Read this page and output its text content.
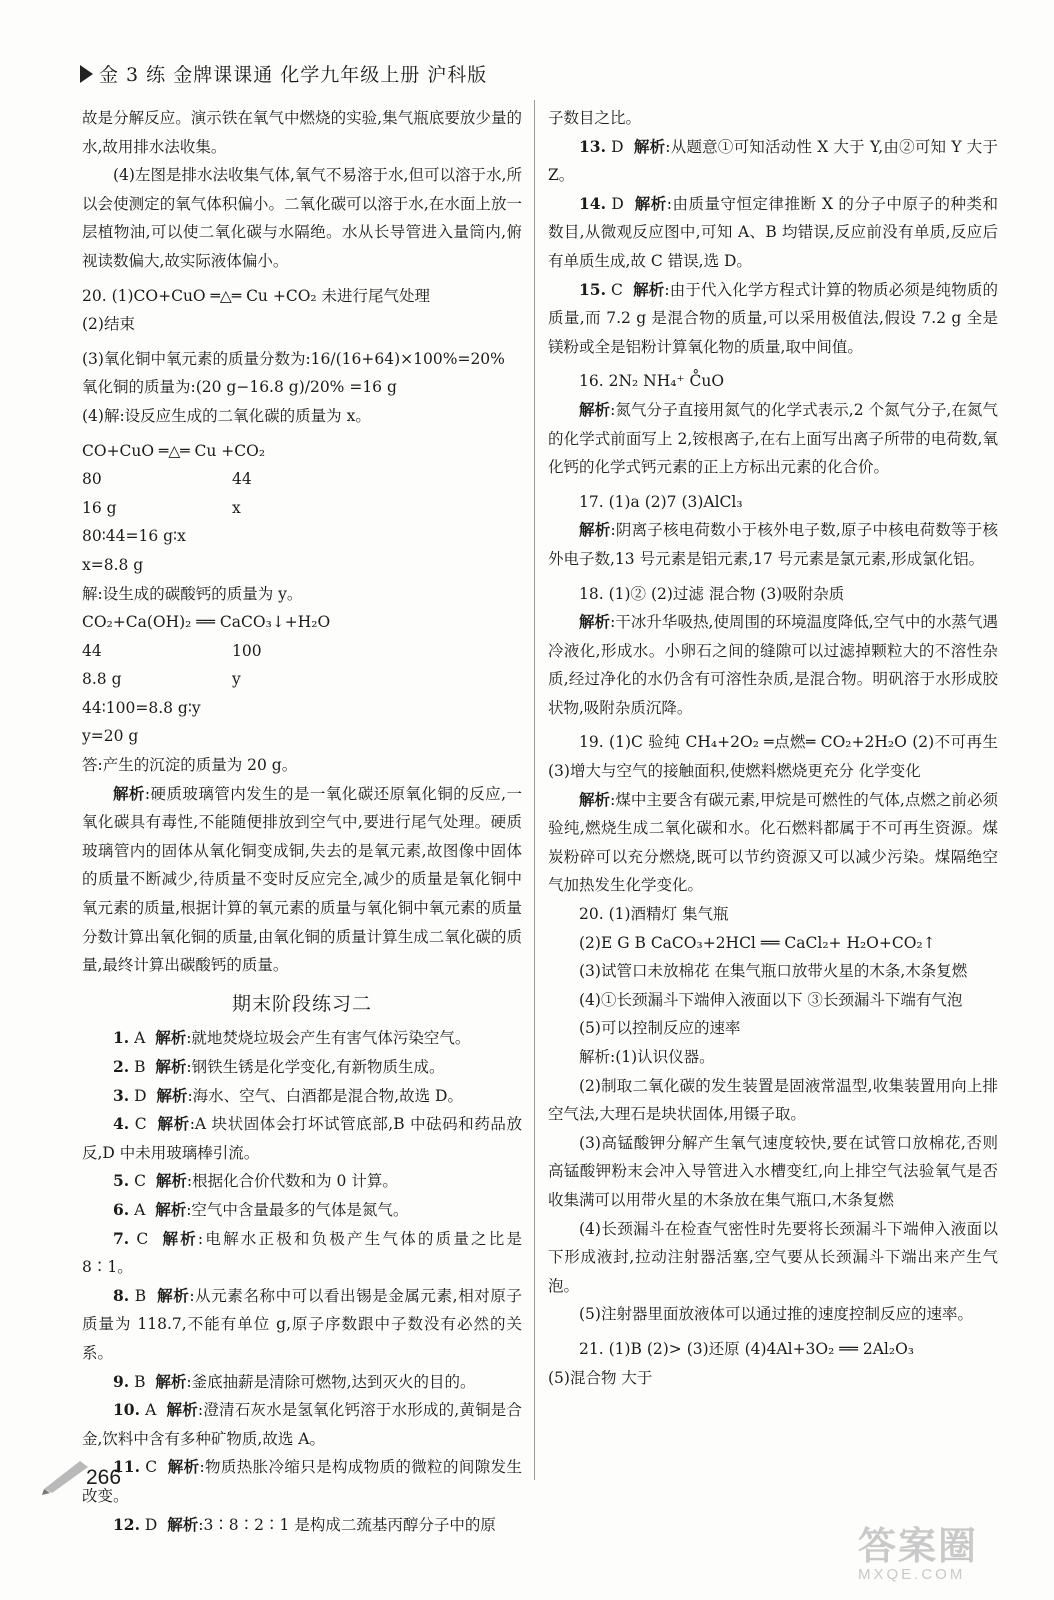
金 3 练 金牌课课通 化学九年级上册 沪科版

故是分解反应。演示铁在氧气中燃烧的实验,集气瓶底要放少量的水,故用排水法收集。

(4)左图是排水法收集气体,氧气不易溶于水,但可以溶于水,所以会使测定的氧气体积偏小。二氧化碳可以溶于水,在水面上放一层植物油,可以使二氧化碳与水隔绝。水从长导管进入量筒内,俯视读数偏大,故实际液体偏小。

20. (1)CO+CuO ═△═ Cu +CO₂ 未进行尾气处理

(2)结束

(3)氧化铜中氧元素的质量分数为:16/(16+64)×100%=20%

氧化铜的质量为:(20 g−16.8 g)/20% =16 g

(4)解:设反应生成的二氧化碳的质量为 x。

CO+CuO ═△═ Cu +CO₂

80	44
16 g	x

80∶44=16 g∶x

x=8.8 g

解:设生成的碳酸钙的质量为 y。

CO₂+Ca(OH)₂ ══ CaCO₃↓+H₂O

44	100
8.8 g	y

44∶100=8.8 g∶y

y=20 g

答:产生的沉淀的质量为 20 g。

解析:硬质玻璃管内发生的是一氧化碳还原氧化铜的反应,一氧化碳具有毒性,不能随便排放到空气中,要进行尾气处理。硬质玻璃管内的固体从氧化铜变成铜,失去的是氧元素,故图像中固体的质量不断减少,待质量不变时反应完全,减少的质量是氧化铜中氧元素的质量,根据计算的氧元素的质量与氧化铜中氧元素的质量分数计算出氧化铜的质量,由氧化铜的质量计算生成二氧化碳的质量,最终计算出碳酸钙的质量。

期末阶段练习二

1. A 解析:就地焚烧垃圾会产生有害气体污染空气。

2. B 解析:钢铁生锈是化学变化,有新物质生成。

3. D 解析:海水、空气、白酒都是混合物,故选 D。

4. C 解析:A 块状固体会打坏试管底部,B 中砝码和药品放反,D 中未用玻璃棒引流。

5. C 解析:根据化合价代数和为 0 计算。

6. A 解析:空气中含量最多的气体是氮气。

7. C 解析:电解水正极和负极产生气体的质量之比是 8∶1。

8. B 解析:从元素名称中可以看出锡是金属元素,相对原子质量为 118.7,不能有单位 g,原子序数跟中子数没有必然的关系。

9. B 解析:釜底抽薪是清除可燃物,达到灭火的目的。

10. A 解析:澄清石灰水是氢氧化钙溶于水形成的,黄铜是合金,饮料中含有多种矿物质,故选 A。

11. C 解析:物质热胀冷缩只是构成物质的微粒的间隙发生改变。

12. D 解析:3∶8∶2∶1 是构成二巯基丙醇分子中的原

子数目之比。

13. D 解析:从题意①可知活动性 X 大于 Y,由②可知 Y 大于 Z。

14. D 解析:由质量守恒定律推断 X 的分子中原子的种类和数目,从微观反应图中,可知 A、B 均错误,反应前没有单质,反应后有单质生成,故 C 错误,选 D。

15. C 解析:由于代入化学方程式计算的物质必须是纯物质的质量,而 7.2 g 是混合物的质量,可以采用极值法,假设 7.2 g 全是镁粉或全是铝粉计算氧化物的质量,取中间值。

16. 2N₂ NH₄⁺ C̊uO

解析:氮气分子直接用氮气的化学式表示,2 个氮气分子,在氮气的化学式前面写上 2,铵根离子,在右上面写出离子所带的电荷数,氧化钙的化学式钙元素的正上方标出元素的化合价。

17. (1)a (2)7 (3)AlCl₃

解析:阴离子核电荷数小于核外电子数,原子中核电荷数等于核外电子数,13 号元素是铝元素,17 号元素是氯元素,形成氯化铝。

18. (1)② (2)过滤 混合物 (3)吸附杂质

解析:干冰升华吸热,使周围的环境温度降低,空气中的水蒸气遇冷液化,形成水。小卵石之间的缝隙可以过滤掉颗粒大的不溶性杂质,经过净化的水仍含有可溶性杂质,是混合物。明矾溶于水形成胶状物,吸附杂质沉降。

19. (1)C 验纯 CH₄+2O₂ ═点燃═ CO₂+2H₂O (2)不可再生 (3)增大与空气的接触面积,使燃料燃烧更充分 化学变化

解析:煤中主要含有碳元素,甲烷是可燃性的气体,点燃之前必须验纯,燃烧生成二氧化碳和水。化石燃料都属于不可再生资源。煤炭粉碎可以充分燃烧,既可以节约资源又可以减少污染。煤隔绝空气加热发生化学变化。

20. (1)酒精灯 集气瓶

(2)E G B CaCO₃+2HCl ══ CaCl₂+ H₂O+CO₂↑

(3)试管口未放棉花 在集气瓶口放带火星的木条,木条复燃

(4)①长颈漏斗下端伸入液面以下 ③长颈漏斗下端有气泡

(5)可以控制反应的速率

解析:(1)认识仪器。

(2)制取二氧化碳的发生装置是固液常温型,收集装置用向上排空气法,大理石是块状固体,用镊子取。

(3)高锰酸钾分解产生氧气速度较快,要在试管口放棉花,否则高锰酸钾粉末会冲入导管进入水槽变红,向上排空气法验氧气是否收集满可以用带火星的木条放在集气瓶口,木条复燃

(4)长颈漏斗在检查气密性时先要将长颈漏斗下端伸入液面以下形成液封,拉动注射器活塞,空气要从长颈漏斗下端出来产生气泡。

(5)注射器里面放液体可以通过推的速度控制反应的速率。

21. (1)B (2)> (3)还原 (4)4Al+3O₂ ══ 2Al₂O₃

(5)混合物 大于

266
答案圈
MXQE.COM
